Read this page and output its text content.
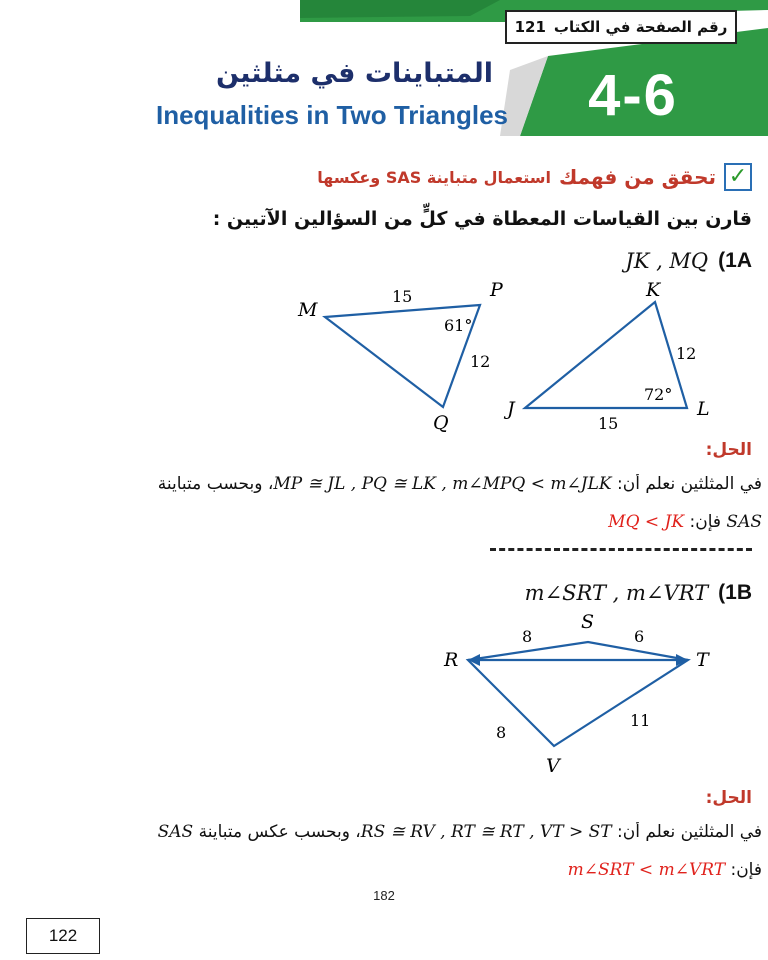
رقم الصفحة في الكتاب
121
4-6
المتباينات في مثلثين
Inequalities in Two Triangles
✓
تحقق من فهمك
استعمال متباينة SAS وعكسها
قارن بين القياسات المعطاة في كلٍّ من السؤالين الآتيين :
JK , MQ (1A
M
P
Q
15
12
61°
K
J	L
12
15
72°
الحل:
في المثلثين نعلم أن: MP ≅ JL , PQ ≅ LK , m∠MPQ < m∠JLK، وبحسب متباينة
SAS فإن: MQ < JK
m∠SRT , m∠VRT (1B
S
R	T
V
8	6
8
11
الحل:
في المثلثين نعلم أن: RS ≅ RV , RT ≅ RT , VT > ST، وبحسب عكس متباينة SAS
فإن: m∠SRT < m∠VRT
182
122
